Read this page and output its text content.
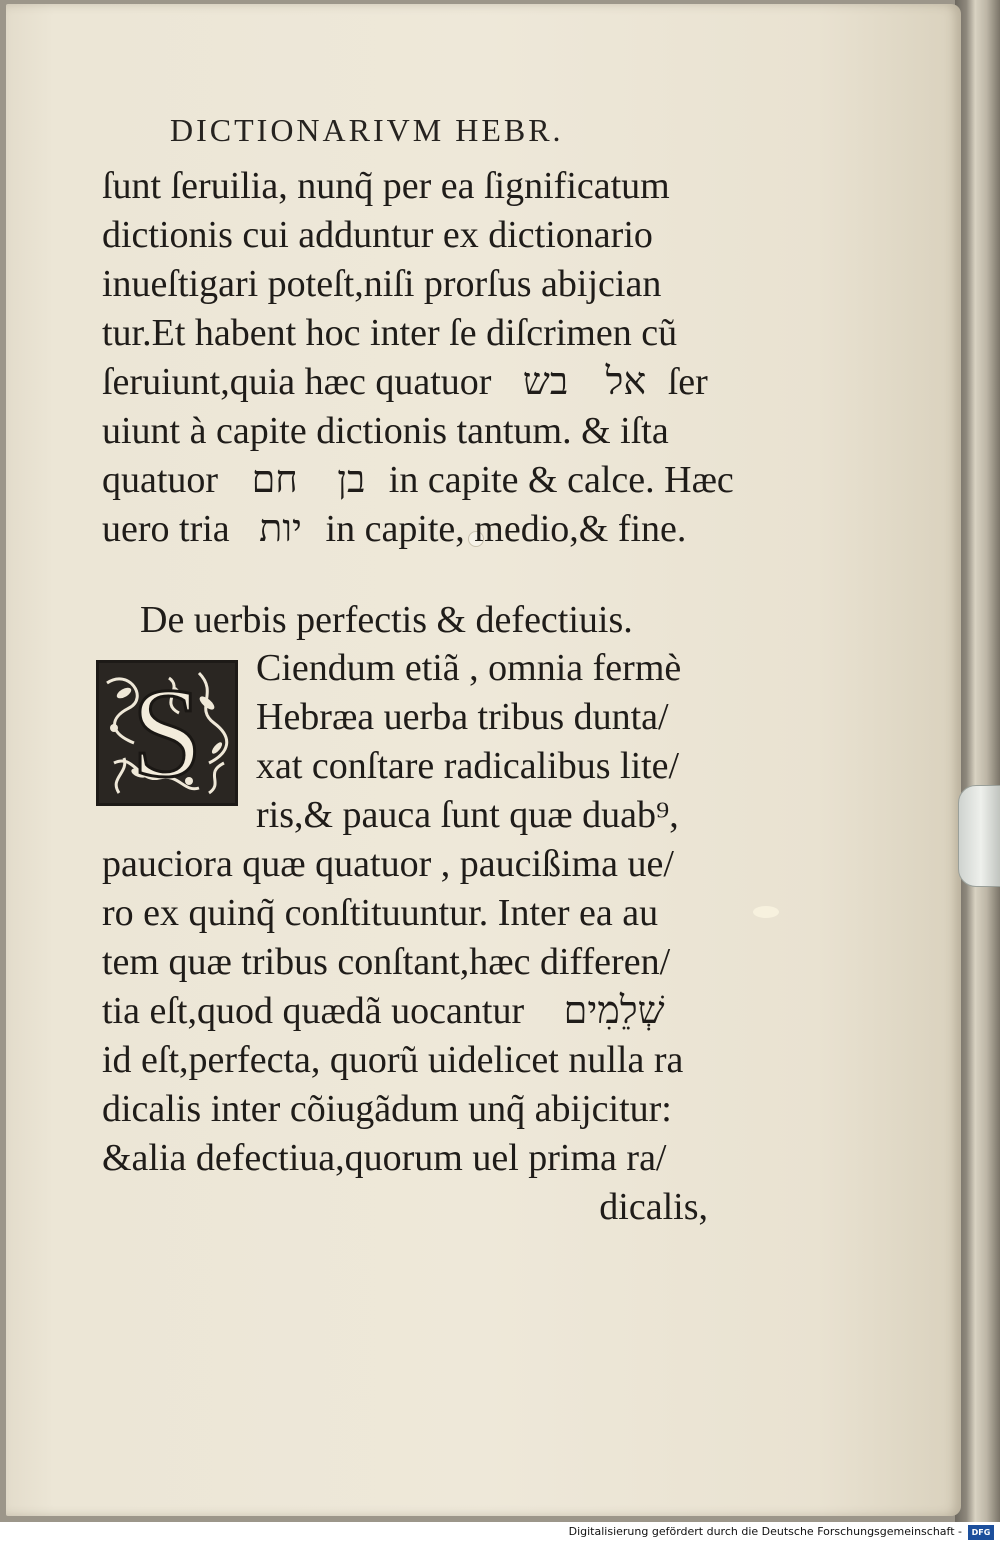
DICTIONARIVM HEBR.
ſunt ſeruilia, nunq̃ per ea ſignificatum
dictionis cui adduntur ex dictionario
inueſtigari poteſt,niſi prorſus abijcian
tur.Et habent hoc inter ſe diſcrimen cũ
ſeruiunt,quia hæc quatuor בש אל ſer
uiunt à capite dictionis tantum. & iſta
quatuor חם בן in capite & calce. Hæc
uero tria יות in capite, medio,& fine.
De uerbis perfectis & defectiuis.
S	Ciendum etiã , omnia fermè
Hebræa uerba tribus dunta/
xat conſtare radicalibus lite/
ris,& pauca ſunt quæ duab⁹,
pauciora quæ quatuor , paucißima ue/
ro ex quinq̃ conſtituuntur. Inter ea au
tem quæ tribus conſtant,hæc differen/
tia eſt,quod quædã uocantur שְׁלֵמִים
id eſt,perfecta, quorũ uidelicet nulla ra
dicalis inter cõiugãdum unq̃ abijcitur:
&alia defectiua,quorum uel prima ra/
dicalis,
Digitalisierung gefördert durch die Deutsche Forschungsgemeinschaft -	DFG
